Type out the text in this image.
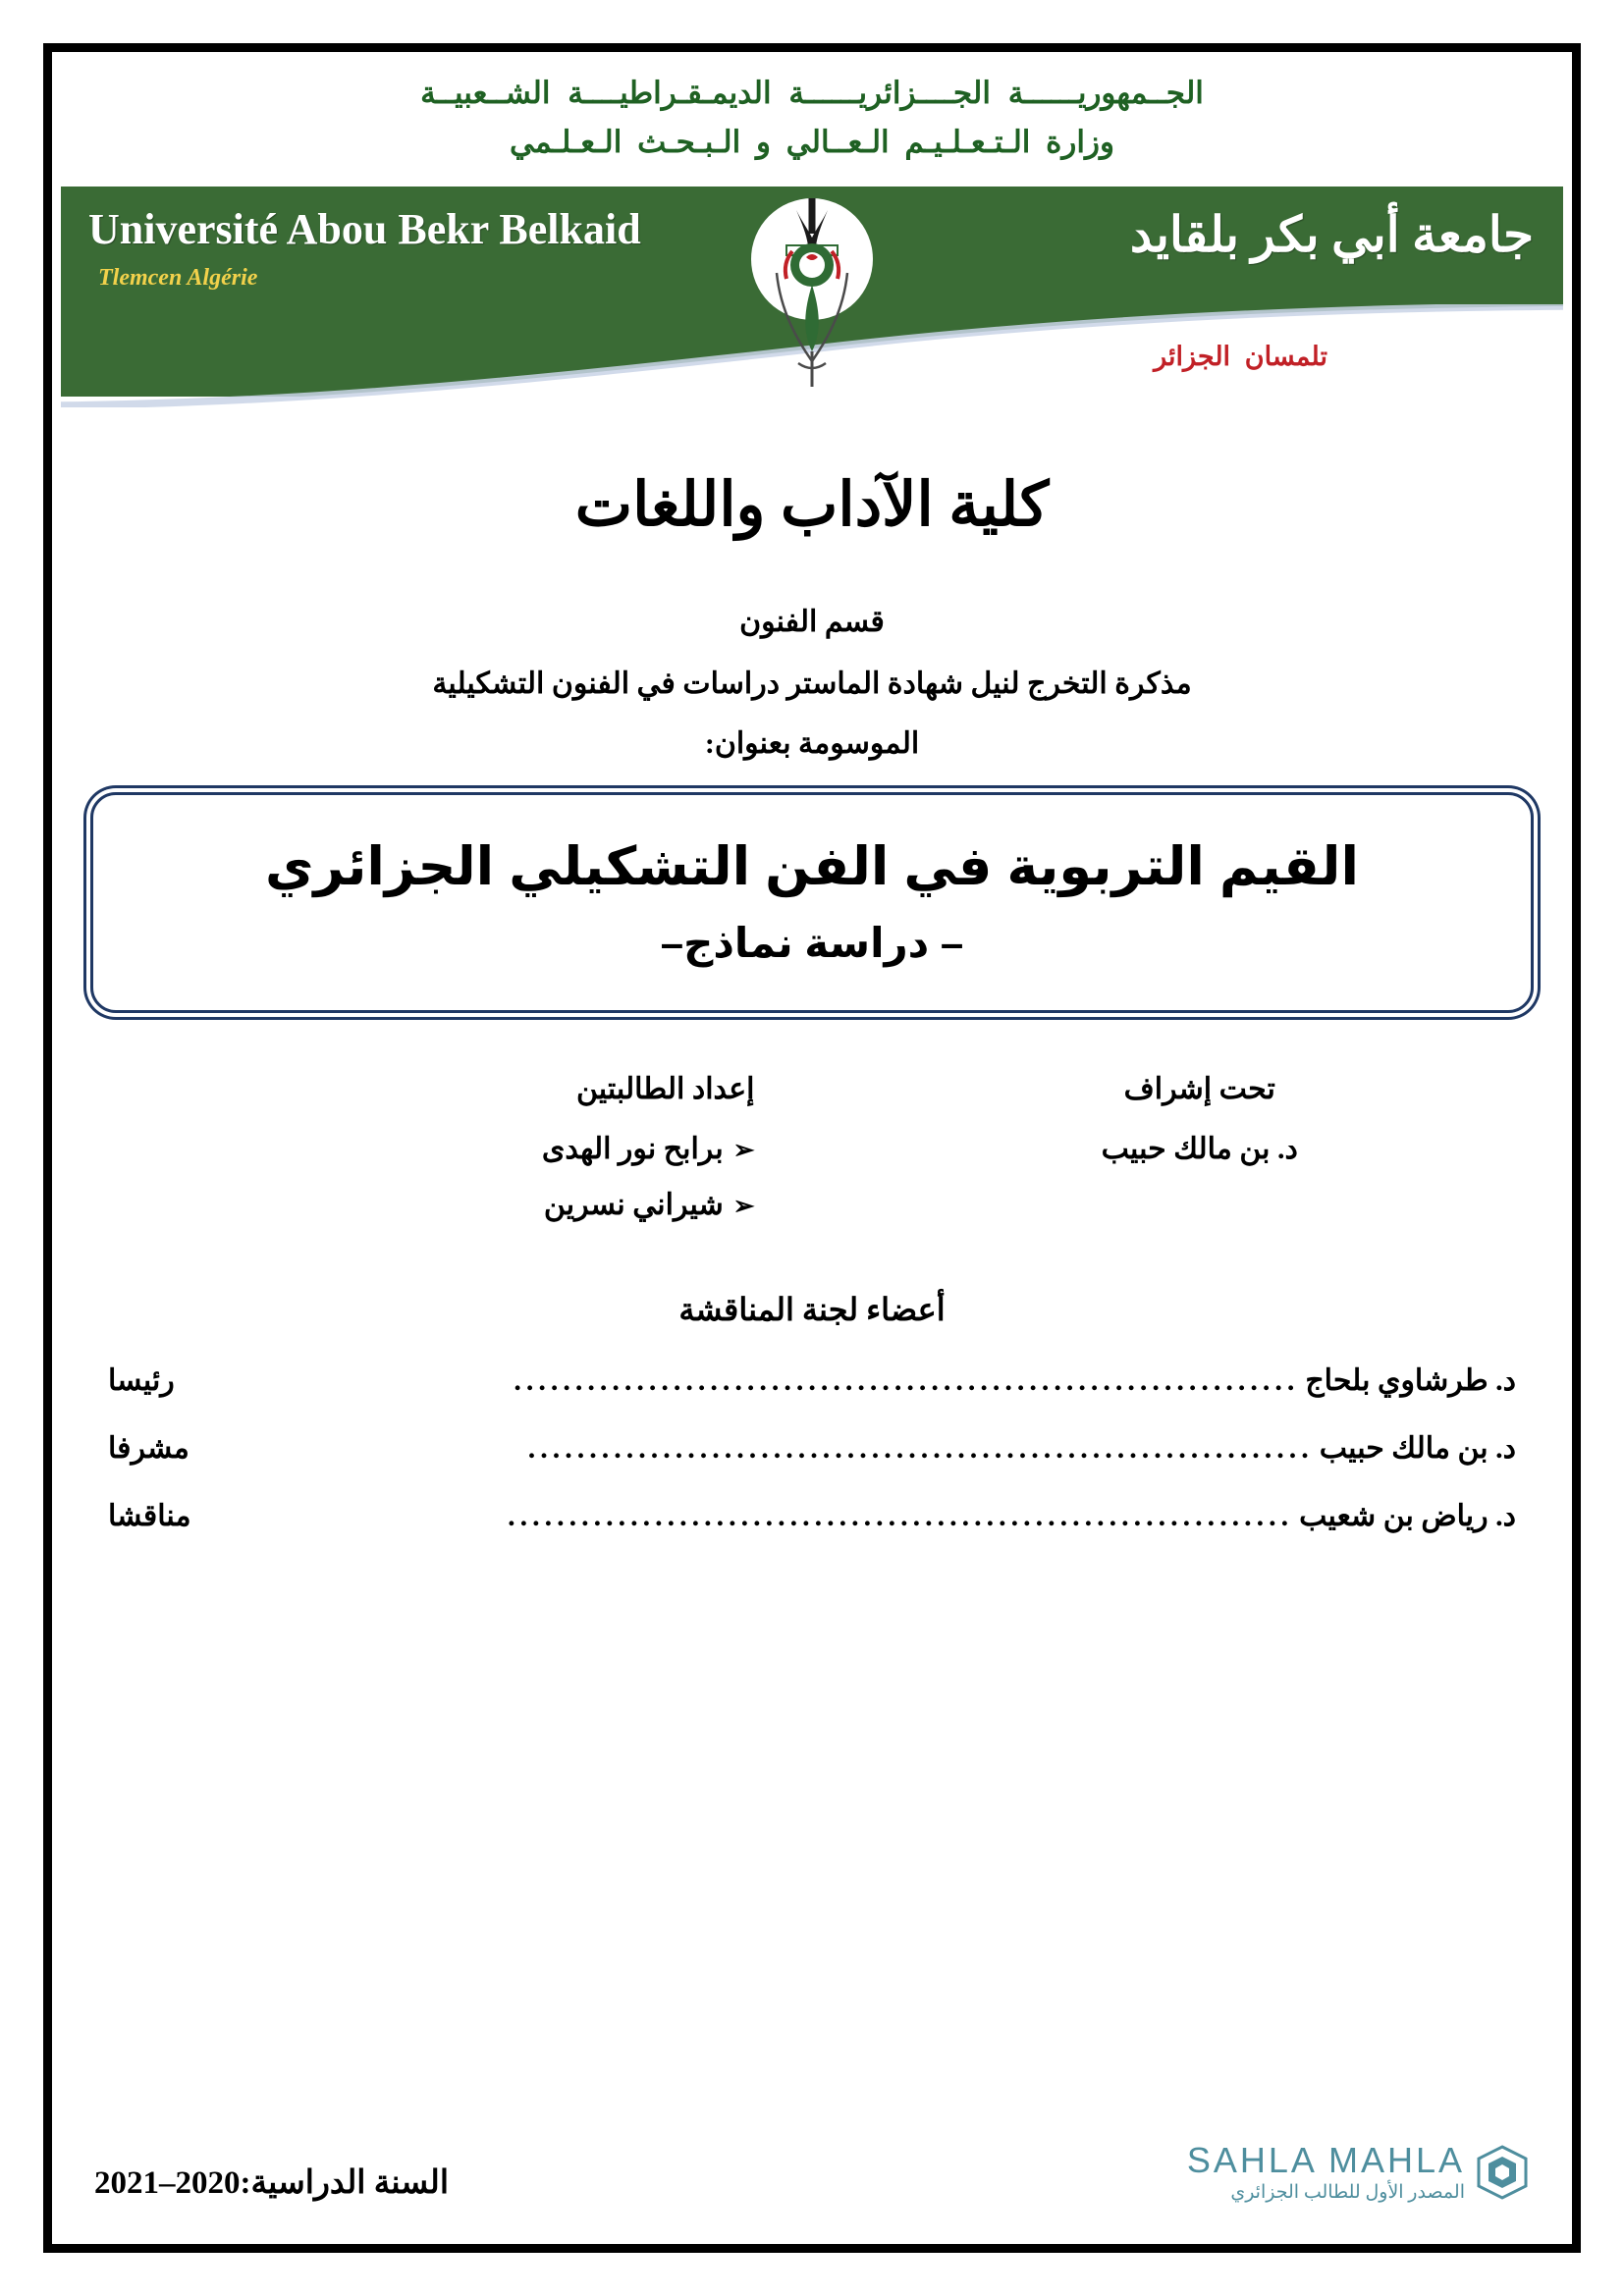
الجــمهوريــــــة الجــــزائريــــــة الديمـقـراطيــــة الشــعبيــة
وزارة الـتـعـلـيـم الـعــالي و الـبـحـث الـعـلـمي
Université Abou Bekr Belkaid
Tlemcen Algérie
جامعة أبي بكر بلقايد
تلمسان الجزائر
كلية الآداب واللغات
قسم الفنون
مذكرة التخرج لنيل شهادة الماستر دراسات في الفنون التشكيلية
الموسومة بعنوان:
القيم التربوية في الفن التشكيلي الجزائري
– دراسة نماذج–
إعداد الطالبتين
➢برابح نور الهدى
➢شيراني نسرين
تحت إشراف
د. بن مالك حبيب
أعضاء لجنة المناقشة
د. طرشاوي بلحاج
................................................................
رئيسا
د. بن مالك حبيب
................................................................
مشرفا
د. رياض بن شعيب
................................................................
مناقشا
السنة الدراسية:2020–2021
SAHLA MAHLA
المصدر الأول للطالب الجزائري
